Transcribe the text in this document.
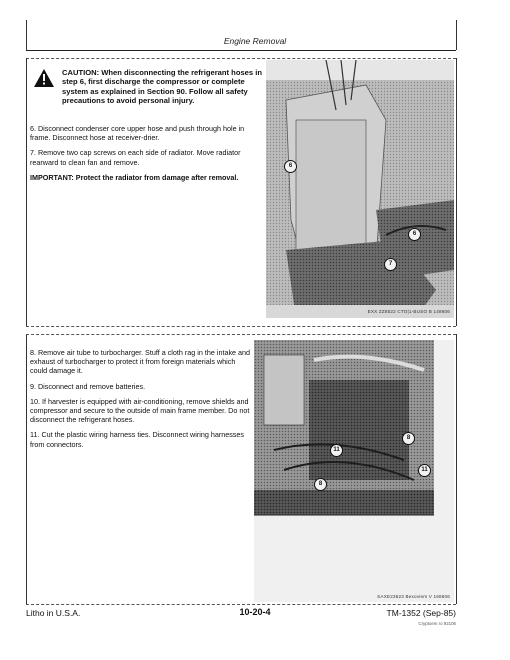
Engine Removal
CAUTION: When disconnecting the refrigerant hoses in step 6, first discharge the compressor or complete system as explained in Section 90. Follow all safety precautions to avoid personal injury.

6. Disconnect condenser core upper hose and push through hole in frame. Disconnect hose at receiver-drier.

7. Remove two cap screws on each side of radiator. Move radiator rearward to clean fan and remove.

IMPORTANT: Protect the radiator from damage after removal.

6
6
7
EXX ZZ8522 CTO|1-BUSO B 148606

8. Remove air tube to turbocharger. Stuff a cloth rag in the intake and exhaust of turbocharger to protect it from foreign materials which could damage it.

9. Disconnect and remove batteries.

10. If harvester is equipped with air-conditioning, remove shields and compressor and secure to the outside of main frame member. Do not disconnect the refrigerant hoses.

11. Cut the plastic wiring harness ties. Disconnect wiring harnesses from connectors.

11
8
11
8
SAXE23623 Bexoviem V 168606
Litho in U.S.A.	10-20-4	TM-1352 (Sep-85)
Cryptoem ro 92106
